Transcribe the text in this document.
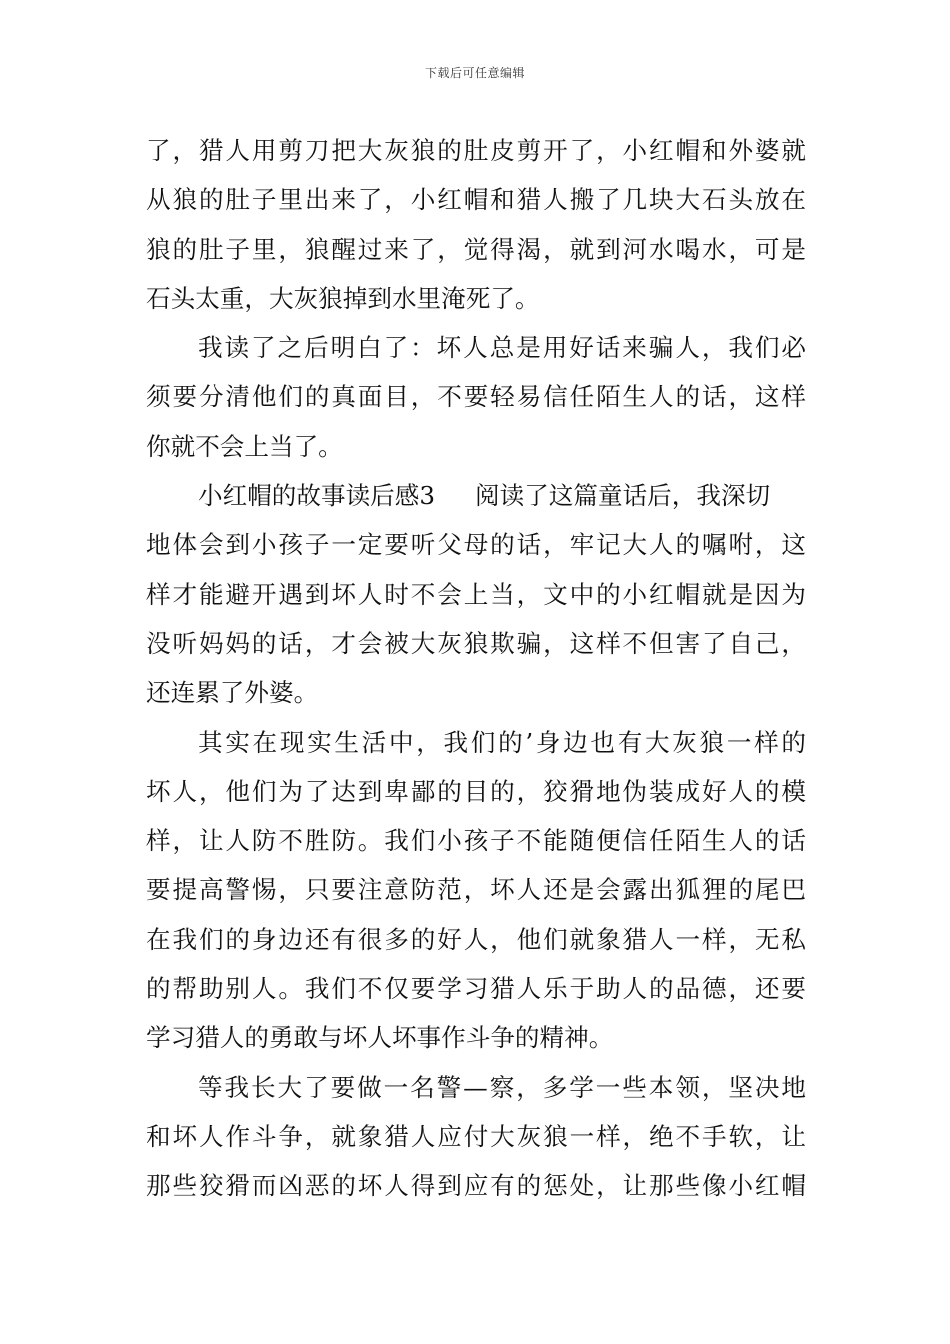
下载后可任意编辑
了，猎人用剪刀把大灰狼的肚皮剪开了，小红帽和外婆就
从狼的肚子里出来了，小红帽和猎人搬了几块大石头放在
狼的肚子里，狼醒过来了，觉得渴，就到河水喝水，可是
石头太重，大灰狼掉到水里淹死了。
我读了之后明白了：坏人总是用好话来骗人，我们必
须要分清他们的真面目，不要轻易信任陌生人的话，这样
你就不会上当了。
小红帽的故事读后感3 阅读了这篇童话后，我深切
地体会到小孩子一定要听父母的话，牢记大人的嘱咐，这
样才能避开遇到坏人时不会上当，文中的小红帽就是因为
没听妈妈的话，才会被大灰狼欺骗，这样不但害了自己，
还连累了外婆。
其实在现实生活中，我们的’身边也有大灰狼一样的
坏人，他们为了达到卑鄙的目的，狡猾地伪装成好人的模
样，让人防不胜防。我们小孩子不能随便信任陌生人的话
要提高警惕，只要注意防范，坏人还是会露出狐狸的尾巴
在我们的身边还有很多的好人，他们就象猎人一样，无私
的帮助别人。我们不仅要学习猎人乐于助人的品德，还要
学习猎人的勇敢与坏人坏事作斗争的精神。
等我长大了要做一名警—察，多学一些本领，坚决地
和坏人作斗争，就象猎人应付大灰狼一样，绝不手软，让
那些狡猾而凶恶的坏人得到应有的惩处，让那些像小红帽
